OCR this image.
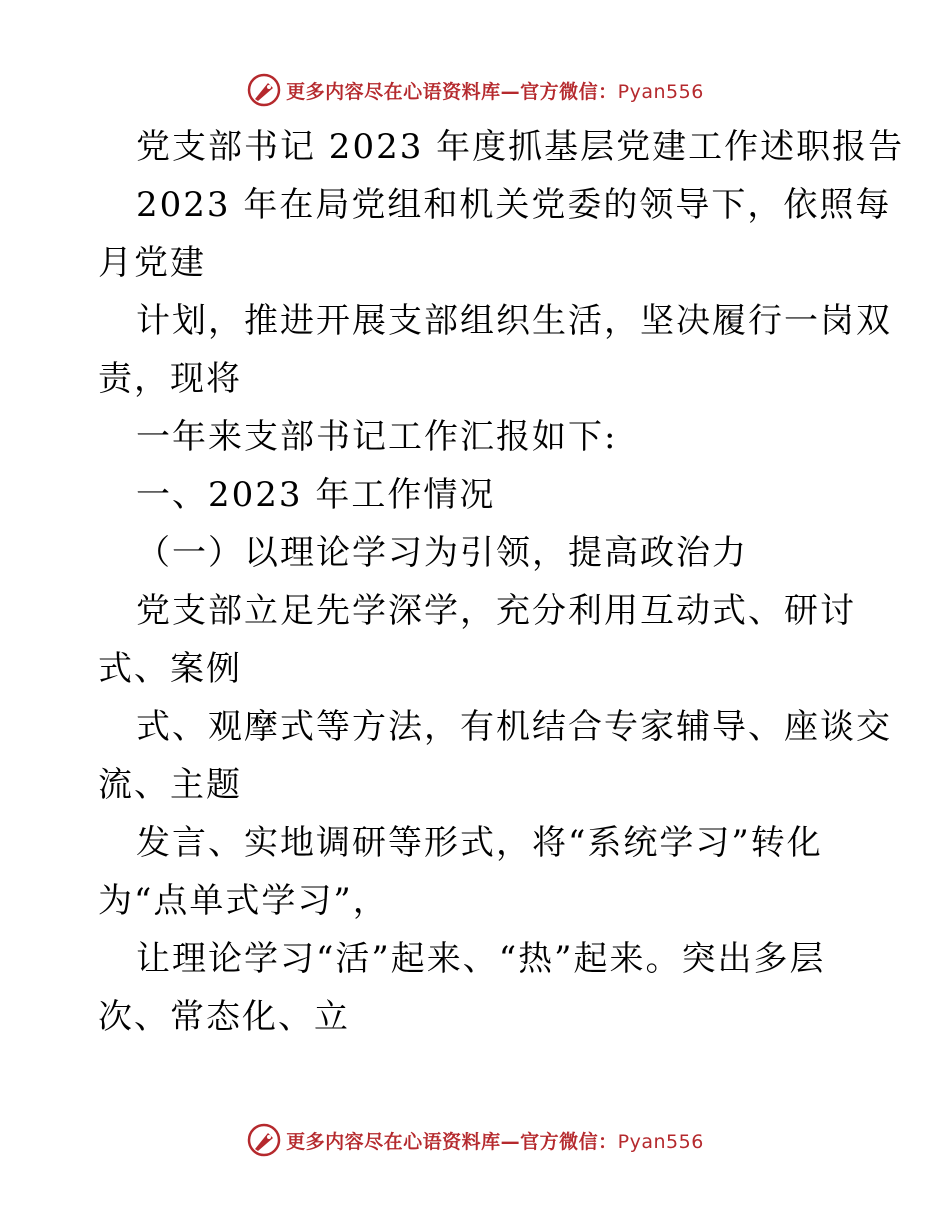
更多内容尽在心语资料库—官方微信：Pyan556
党支部书记 2023 年度抓基层党建工作述职报告
2023 年在局党组和机关党委的领导下，依照每
月党建
计划，推进开展支部组织生活，坚决履行一岗双
责，现将
一年来支部书记工作汇报如下:
一、2023 年工作情况
（一）以理论学习为引领，提高政治力
党支部立足先学深学，充分利用互动式、研讨
式、案例
式、观摩式等方法，有机结合专家辅导、座谈交
流、主题
发言、实地调研等形式，将“系统学习”转化
为“点单式学习”，
让理论学习“活”起来、“热”起来。突出多层
次、常态化、立
更多内容尽在心语资料库—官方微信：Pyan556
